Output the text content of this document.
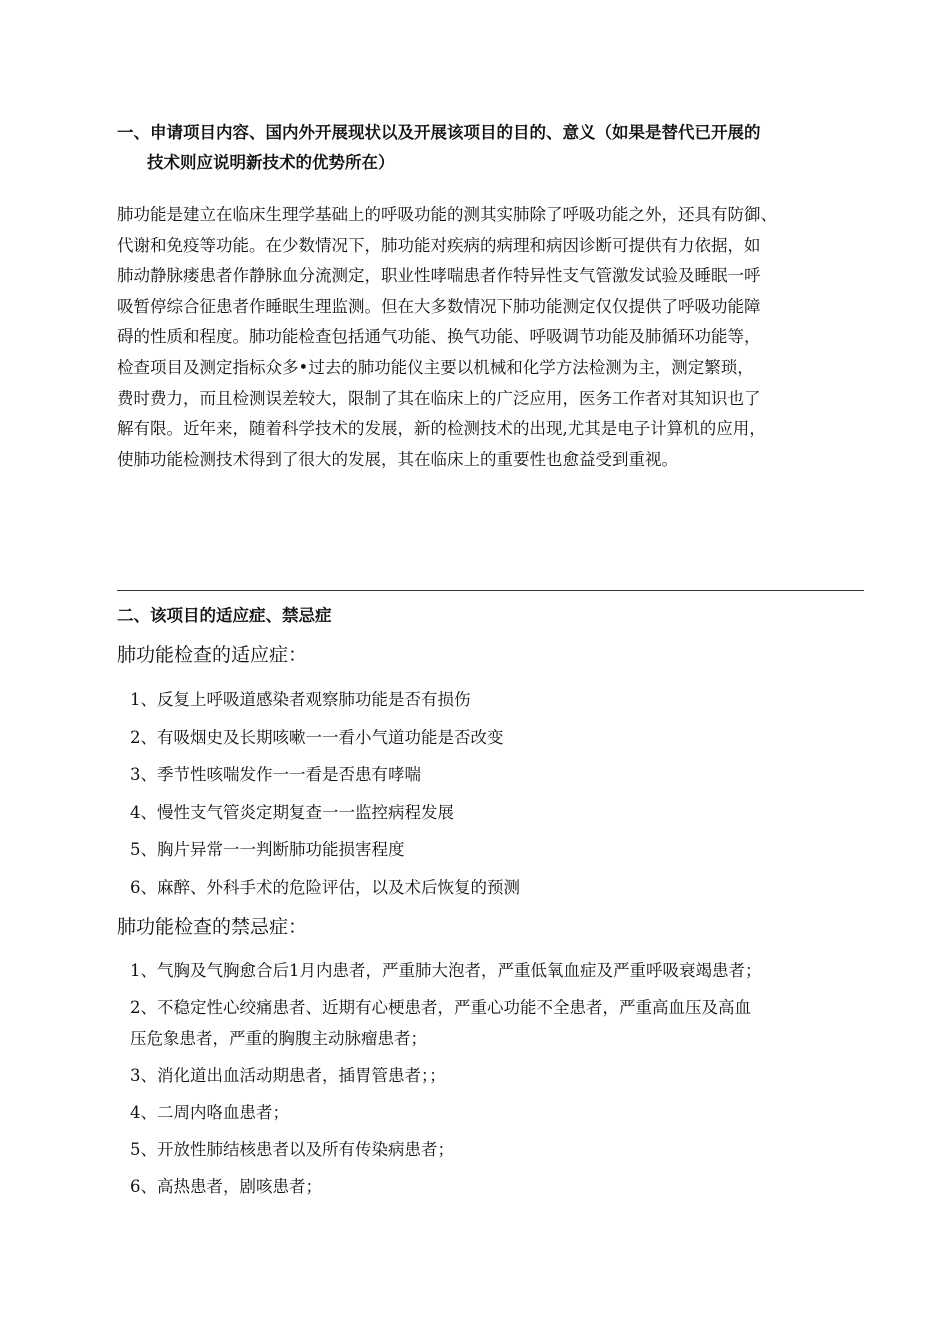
一、申请项目内容、国内外开展现状以及开展该项目的目的、意义（如果是替代已开展的
技术则应说明新技术的优势所在）
肺功能是建立在临床生理学基础上的呼吸功能的测其实肺除了呼吸功能之外，还具有防御、
代谢和免疫等功能。在少数情况下，肺功能对疾病的病理和病因诊断可提供有力依据，如
肺动静脉瘘患者作静脉血分流测定，职业性哮喘患者作特异性支气管激发试验及睡眠一呼
吸暂停综合征患者作睡眠生理监测。但在大多数情况下肺功能测定仅仅提供了呼吸功能障
碍的性质和程度。肺功能检查包括通气功能、换气功能、呼吸调节功能及肺循环功能等，
检查项目及测定指标众多•过去的肺功能仪主要以机械和化学方法检测为主，测定繁琐，
费时费力，而且检测误差较大，限制了其在临床上的广泛应用，医务工作者对其知识也了
解有限。近年来，随着科学技术的发展，新的检测技术的出现,尤其是电子计算机的应用，
使肺功能检测技术得到了很大的发展，其在临床上的重要性也愈益受到重视。
二、该项目的适应症、禁忌症
肺功能检查的适应症：
1、反复上呼吸道感染者观察肺功能是否有损伤
2、有吸烟史及长期咳嗽一一看小气道功能是否改变
3、季节性咳喘发作一一看是否患有哮喘
4、慢性支气管炎定期复查一一监控病程发展
5、胸片异常一一判断肺功能损害程度
6、麻醉、外科手术的危险评估，以及术后恢复的预测
肺功能检查的禁忌症：
1、气胸及气胸愈合后1月内患者，严重肺大泡者，严重低氧血症及严重呼吸衰竭患者；
2、不稳定性心绞痛患者、近期有心梗患者，严重心功能不全患者，严重高血压及高血
压危象患者，严重的胸腹主动脉瘤患者；
3、消化道出血活动期患者，插胃管患者；；
4、二周内咯血患者；
5、开放性肺结核患者以及所有传染病患者；
6、高热患者，剧咳患者；
